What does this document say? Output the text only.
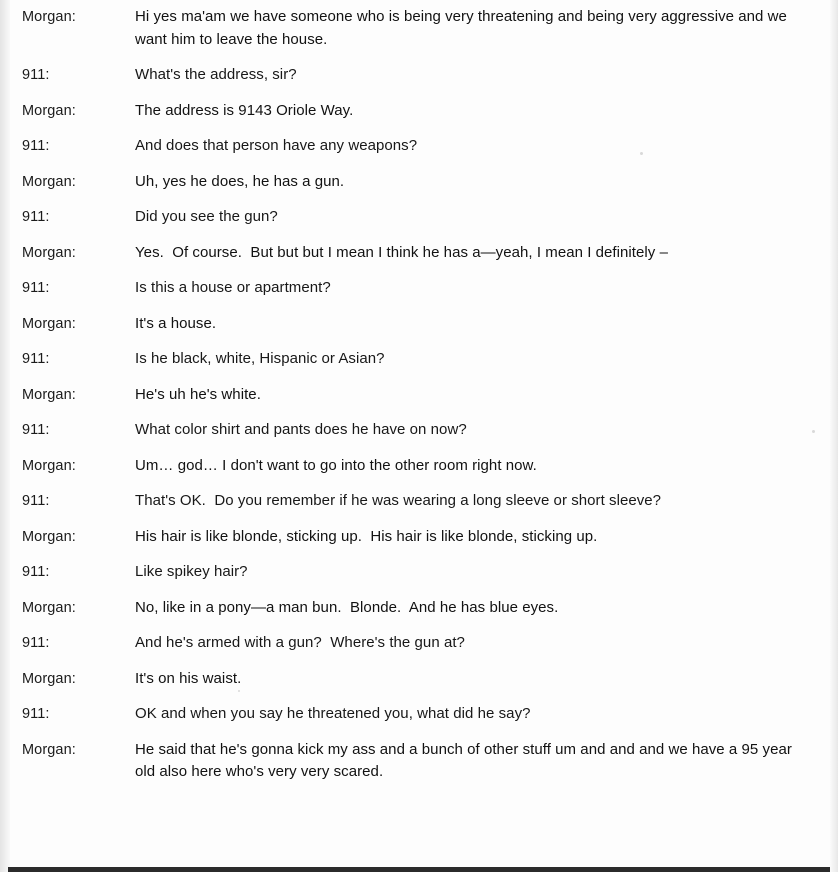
Morgan:	Hi yes ma'am we have someone who is being very threatening and being very aggressive and we want him to leave the house.
911:	What's the address, sir?
Morgan:	The address is 9143 Oriole Way.
911:	And does that person have any weapons?
Morgan:	Uh, yes he does, he has a gun.
911:	Did you see the gun?
Morgan:	Yes.  Of course.  But but but I mean I think he has a—yeah, I mean I definitely –
911:	Is this a house or apartment?
Morgan:	It's a house.
911:	Is he black, white, Hispanic or Asian?
Morgan:	He's uh he's white.
911:	What color shirt and pants does he have on now?
Morgan:	Um… god… I don't want to go into the other room right now.
911:	That's OK.  Do you remember if he was wearing a long sleeve or short sleeve?
Morgan:	His hair is like blonde, sticking up.  His hair is like blonde, sticking up.
911:	Like spikey hair?
Morgan:	No, like in a pony—a man bun.  Blonde.  And he has blue eyes.
911:	And he's armed with a gun?  Where's the gun at?
Morgan:	It's on his waist.
911:	OK and when you say he threatened you, what did he say?
Morgan:	He said that he's gonna kick my ass and a bunch of other stuff um and and and we have a 95 year old also here who's very very scared.
